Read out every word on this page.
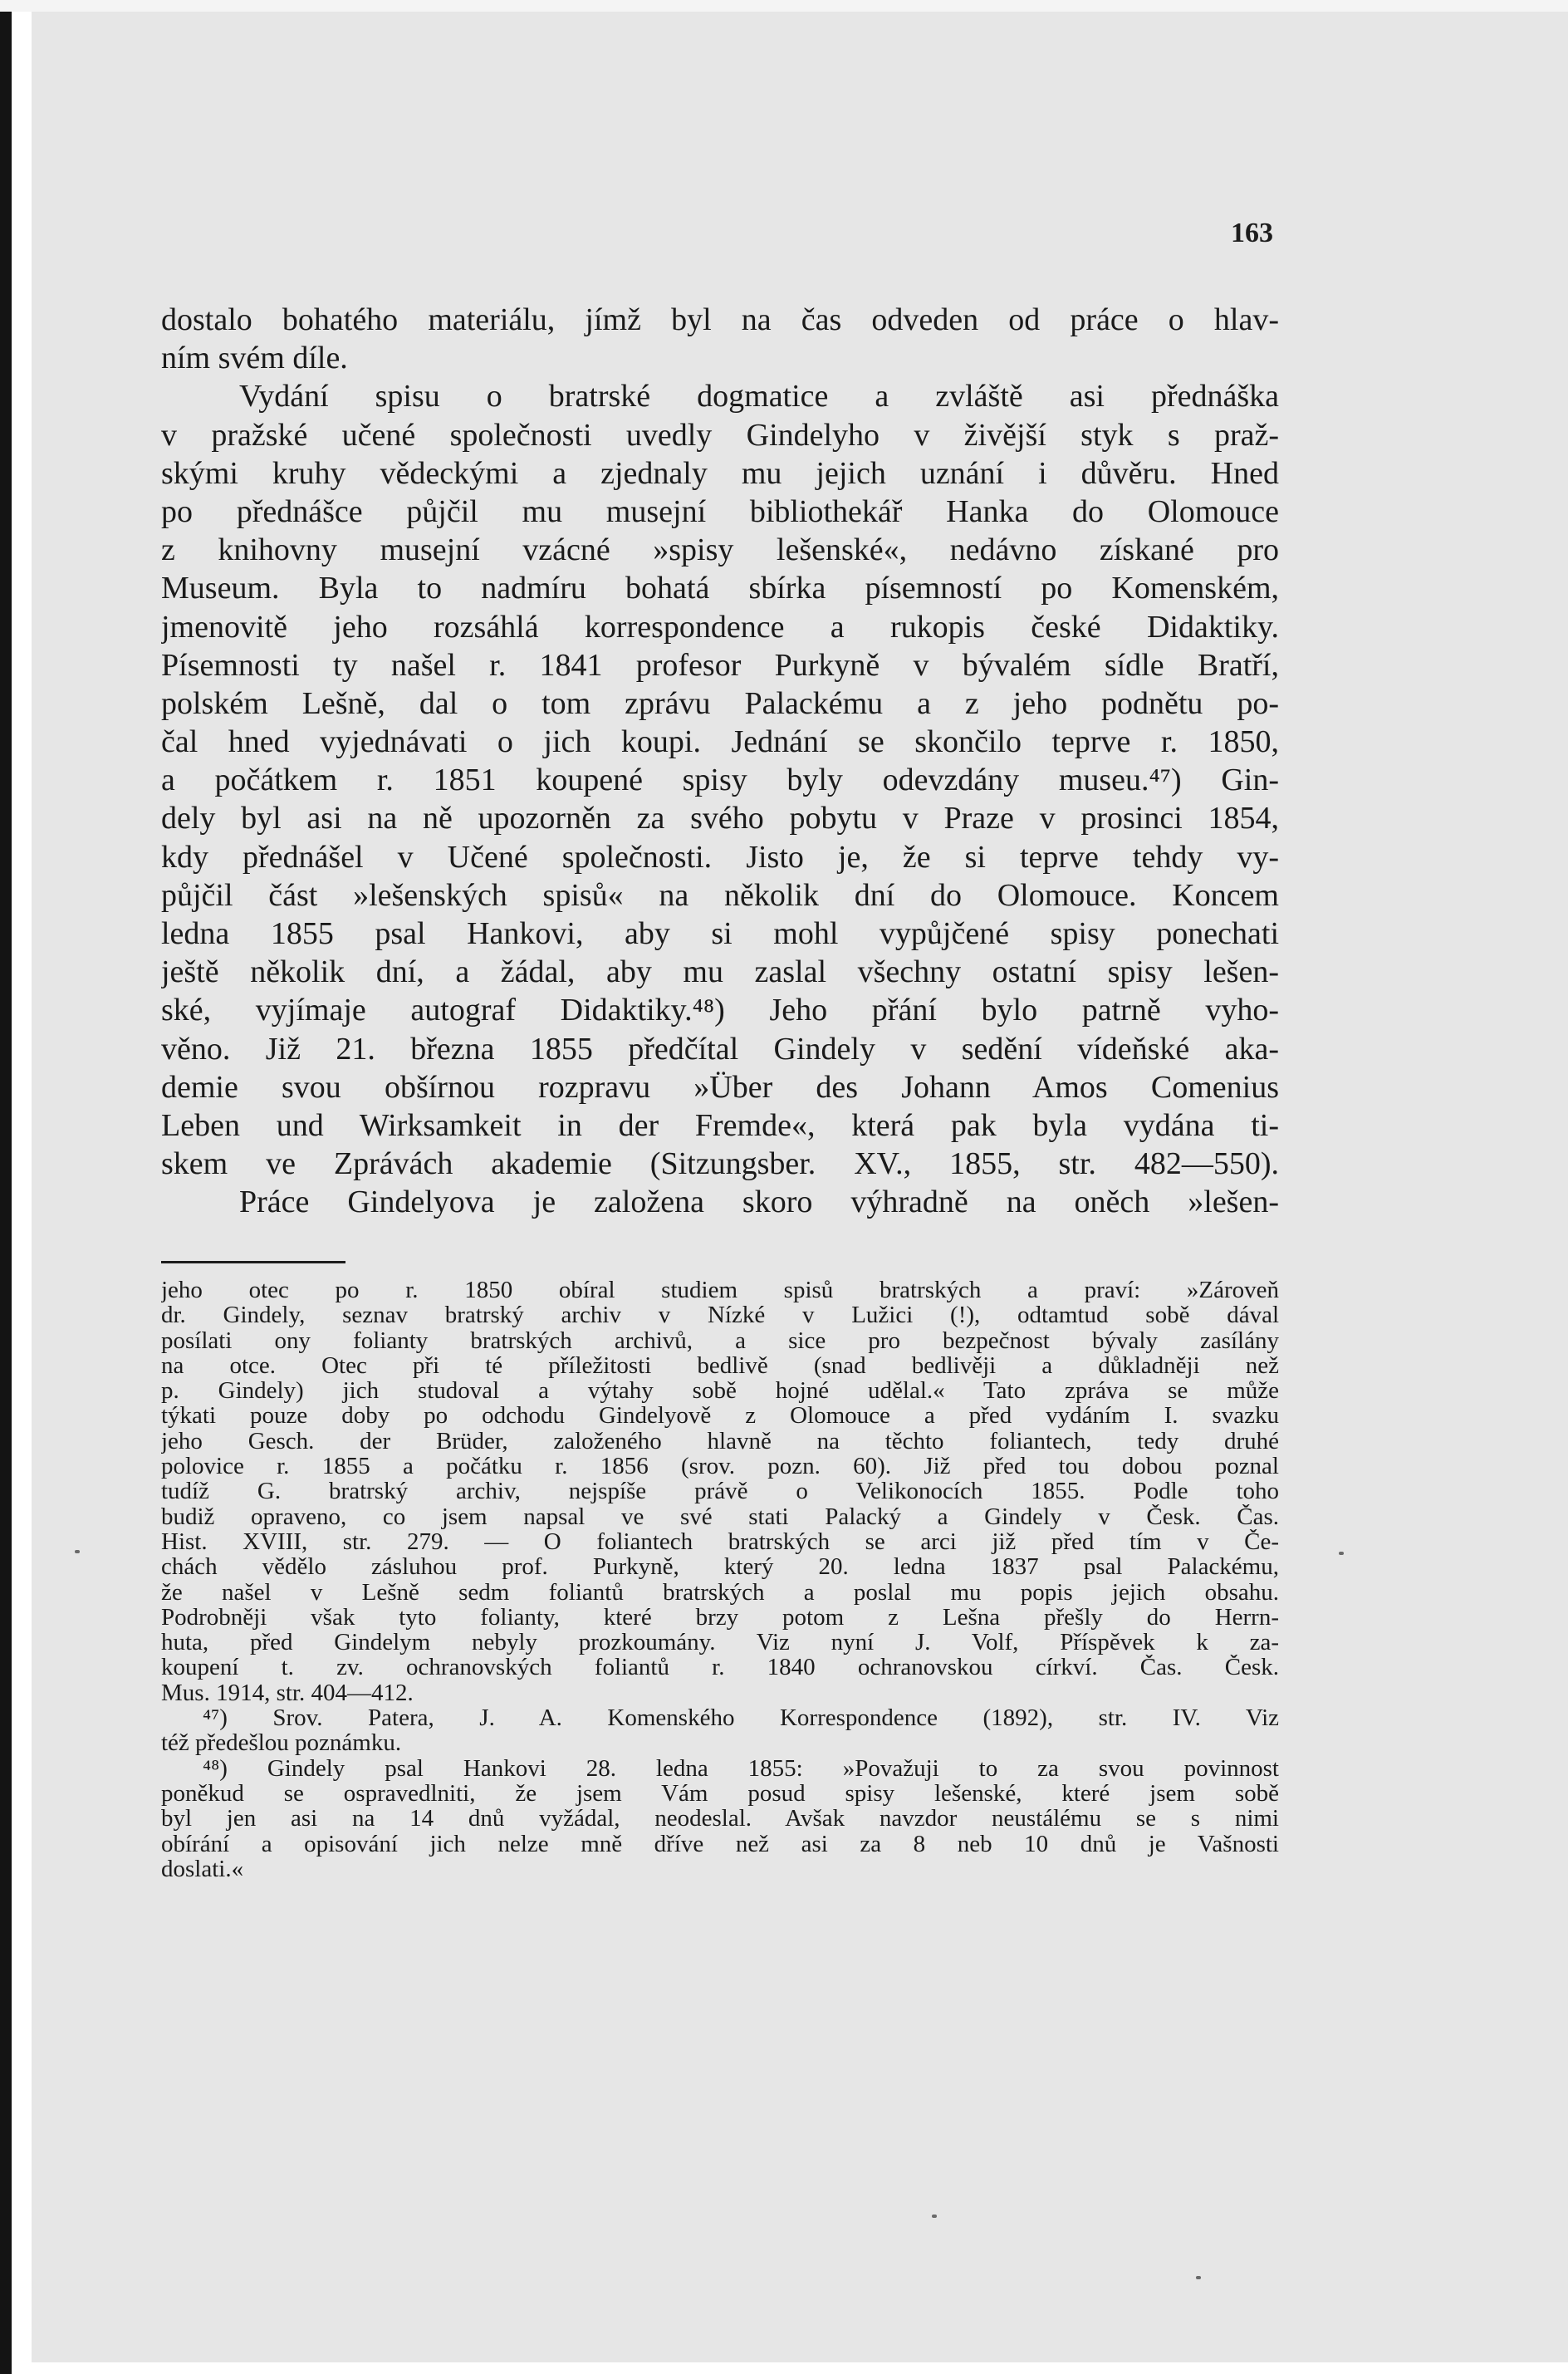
163
dostalo bohatého materiálu, jímž byl na čas odveden od práce o hlav-
ním svém díle.
Vydání spisu o bratrské dogmatice a zvláště asi přednáška
v pražské učené společnosti uvedly Gindelyho v živější styk s praž-
skými kruhy vědeckými a zjednaly mu jejich uznání i důvěru. Hned
po přednášce půjčil mu musejní bibliothekář Hanka do Olomouce
z knihovny musejní vzácné »spisy lešenské«, nedávno získané pro
Museum. Byla to nadmíru bohatá sbírka písemností po Komenském,
jmenovitě jeho rozsáhlá korrespondence a rukopis české Didaktiky.
Písemnosti ty našel r. 1841 profesor Purkyně v bývalém sídle Bratří,
polském Lešně, dal o tom zprávu Palackému a z jeho podnětu po-
čal hned vyjednávati o jich koupi. Jednání se skončilo teprve r. 1850,
a počátkem r. 1851 koupené spisy byly odevzdány museu.⁴⁷) Gin-
dely byl asi na ně upozorněn za svého pobytu v Praze v prosinci 1854,
kdy přednášel v Učené společnosti. Jisto je, že si teprve tehdy vy-
půjčil část »lešenských spisů« na několik dní do Olomouce. Koncem
ledna 1855 psal Hankovi, aby si mohl vypůjčené spisy ponechati
ještě několik dní, a žádal, aby mu zaslal všechny ostatní spisy lešen-
ské, vyjímaje autograf Didaktiky.⁴⁸) Jeho přání bylo patrně vyho-
věno. Již 21. března 1855 předčítal Gindely v sedění vídeňské aka-
demie svou obšírnou rozpravu »Über des Johann Amos Comenius
Leben und Wirksamkeit in der Fremde«, která pak byla vydána ti-
skem ve Zprávách akademie (Sitzungsber. XV., 1855, str. 482—550).
Práce Gindelyova je založena skoro výhradně na oněch »lešen-
jeho otec po r. 1850 obíral studiem spisů bratrských a praví: »Zároveň
dr. Gindely, seznav bratrský archiv v Nízké v Lužici (!), odtamtud sobě dával
posílati ony folianty bratrských archivů, a sice pro bezpečnost bývaly zasílány
na otce. Otec při té příležitosti bedlivě (snad bedlivěji a důkladněji než
p. Gindely) jich studoval a výtahy sobě hojné udělal.« Tato zpráva se může
týkati pouze doby po odchodu Gindelyově z Olomouce a před vydáním I. svazku
jeho Gesch. der Brüder, založeného hlavně na těchto foliantech, tedy druhé
polovice r. 1855 a počátku r. 1856 (srov. pozn. 60). Již před tou dobou poznal
tudíž G. bratrský archiv, nejspíše právě o Velikonocích 1855. Podle toho
budiž opraveno, co jsem napsal ve své stati Palacký a Gindely v Česk. Čas.
Hist. XVIII, str. 279. — O foliantech bratrských se arci již před tím v Če-
chách vědělo zásluhou prof. Purkyně, který 20. ledna 1837 psal Palackému,
že našel v Lešně sedm foliantů bratrských a poslal mu popis jejich obsahu.
Podrobněji však tyto folianty, které brzy potom z Lešna přešly do Herrn-
huta, před Gindelym nebyly prozkoumány. Viz nyní J. Volf, Příspěvek k za-
koupení t. zv. ochranovských foliantů r. 1840 ochranovskou církví. Čas. Česk.
Mus. 1914, str. 404—412.
⁴⁷) Srov. Patera, J. A. Komenského Korrespondence (1892), str. IV. Viz
též předešlou poznámku.
⁴⁸) Gindely psal Hankovi 28. ledna 1855: »Považuji to za svou povinnost
poněkud se ospravedlniti, že jsem Vám posud spisy lešenské, které jsem sobě
byl jen asi na 14 dnů vyžádal, neodeslal. Avšak navzdor neustálému se s nimi
obírání a opisování jich nelze mně dříve než asi za 8 neb 10 dnů je Vašnosti
doslati.«
